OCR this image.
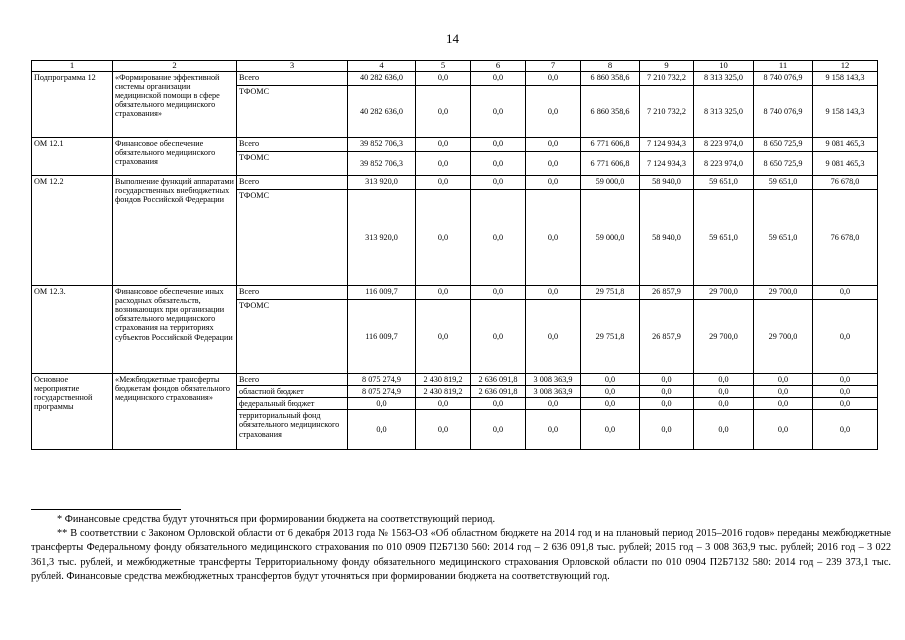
14
1	2	3	4	5	6	7	8	9	10	11	12
Подпрограмма 12	«Формирование эффективной системы организации медицинской помощи в сфере обязательного медицинского страхования»	Всего	40 282 636,0	0,0	0,0	0,0	6 860 358,6	7 210 732,2	8 313 325,0	8 740 076,9	9 158 143,3
		ТФОМС	40 282 636,0	0,0	0,0	0,0	6 860 358,6	7 210 732,2	8 313 325,0	8 740 076,9	9 158 143,3
ОМ 12.1	Финансовое обеспечение обязательного медицинского страхования	Всего	39 852 706,3	0,0	0,0	0,0	6 771 606,8	7 124 934,3	8 223 974,0	8 650 725,9	9 081 465,3
		ТФОМС	39 852 706,3	0,0	0,0	0,0	6 771 606,8	7 124 934,3	8 223 974,0	8 650 725,9	9 081 465,3
ОМ 12.2	Выполнение функций аппаратами государственных внебюджетных фондов Российской Федерации	Всего	313 920,0	0,0	0,0	0,0	59 000,0	58 940,0	59 651,0	59 651,0	76 678,0
		ТФОМС	313 920,0	0,0	0,0	0,0	59 000,0	58 940,0	59 651,0	59 651,0	76 678,0
ОМ 12.3.	Финансовое обеспечение иных расходных обязательств, возникающих при организации обязательного медицинского страхования на территориях субъектов Российской Федерации	Всего	116 009,7	0,0	0,0	0,0	29 751,8	26 857,9	29 700,0	29 700,0	0,0
		ТФОМС	116 009,7	0,0	0,0	0,0	29 751,8	26 857,9	29 700,0	29 700,0	0,0
Основное мероприятие государственной программы	«Межбюджетные трансферты бюджетам фондов обязательного медицинского страхования»	Всего	8 075 274,9	2 430 819,2	2 636 091,8	3 008 363,9	0,0	0,0	0,0	0,0	0,0
		областной бюджет	8 075 274,9	2 430 819,2	2 636 091,8	3 008 363,9	0,0	0,0	0,0	0,0	0,0
		федеральный бюджет	0,0	0,0	0,0	0,0	0,0	0,0	0,0	0,0	0,0
		территориальный фонд обязательного медицинского страхования	0,0	0,0	0,0	0,0	0,0	0,0	0,0	0,0	0,0

* Финансовые средства будут уточняться при формировании бюджета на соответствующий период.

** В соответствии с Законом Орловской области от 6 декабря 2013 года № 1563-ОЗ «Об областном бюджете на 2014 год и на плановый период 2015–2016 годов» переданы межбюджетные трансферты Федеральному фонду обязательного медицинского страхования по 010 0909 П2Б7130 560: 2014 год – 2 636 091,8 тыс. рублей; 2015 год – 3 008 363,9 тыс. рублей; 2016 год – 3 022 361,3 тыс. рублей, и межбюджетные трансферты Территориальному фонду обязательного медицинского страхования Орловской области по 010 0904 П2Б7132 580: 2014 год – 239 373,1 тыс. рублей. Финансовые средства межбюджетных трансфертов будут уточняться при формировании бюджета на соответствующий год.
